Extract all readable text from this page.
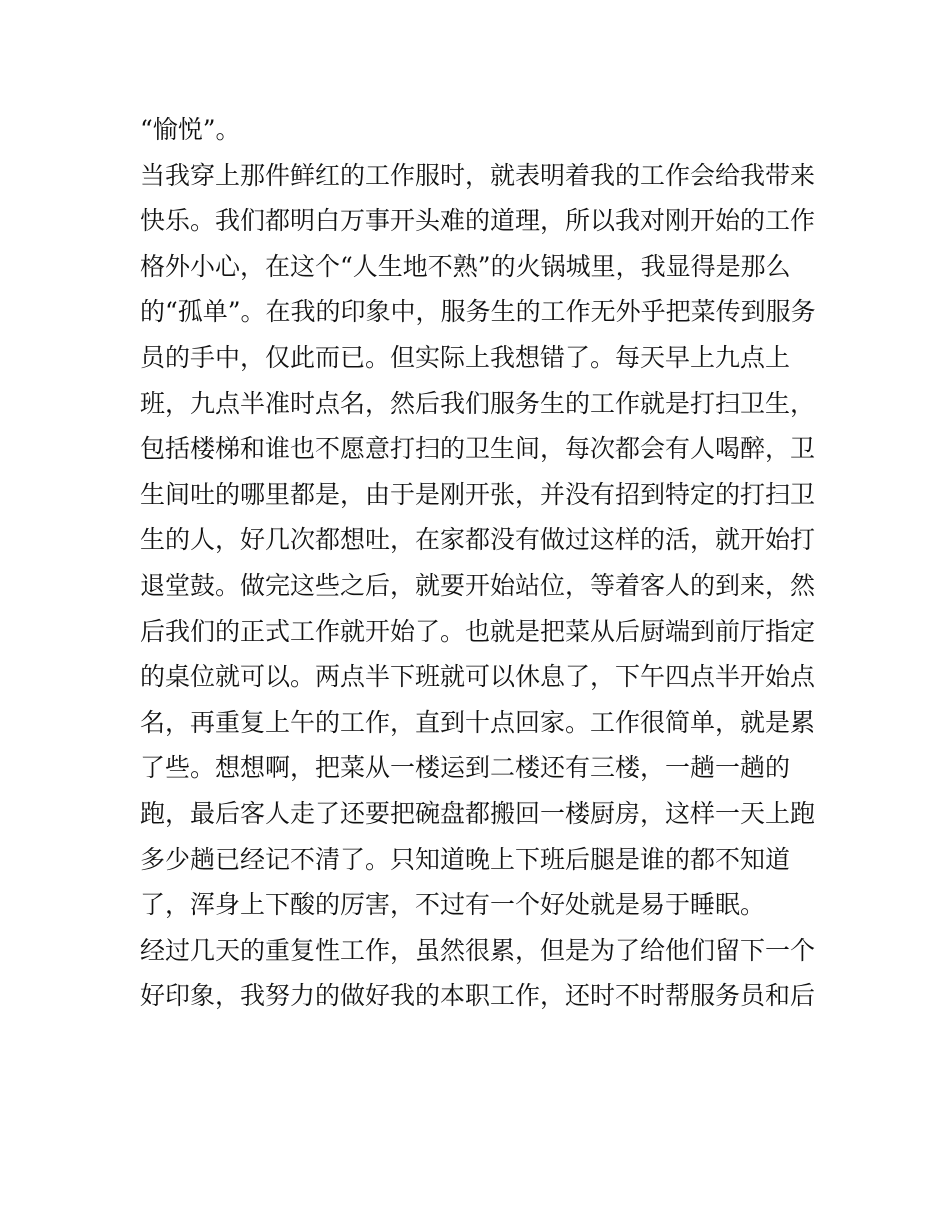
“愉悦”。
当我穿上那件鲜红的工作服时，就表明着我的工作会给我带来
快乐。我们都明白万事开头难的道理，所以我对刚开始的工作
格外小心，在这个“人生地不熟”的火锅城里，我显得是那么
的“孤单”。在我的印象中，服务生的工作无外乎把菜传到服务
员的手中，仅此而已。但实际上我想错了。每天早上九点上
班，九点半准时点名，然后我们服务生的工作就是打扫卫生，
包括楼梯和谁也不愿意打扫的卫生间，每次都会有人喝醉，卫
生间吐的哪里都是，由于是刚开张，并没有招到特定的打扫卫
生的人，好几次都想吐，在家都没有做过这样的活，就开始打
退堂鼓。做完这些之后，就要开始站位，等着客人的到来，然
后我们的正式工作就开始了。也就是把菜从后厨端到前厅指定
的桌位就可以。两点半下班就可以休息了，下午四点半开始点
名，再重复上午的工作，直到十点回家。工作很简单，就是累
了些。想想啊，把菜从一楼运到二楼还有三楼，一趟一趟的
跑，最后客人走了还要把碗盘都搬回一楼厨房，这样一天上跑
多少趟已经记不清了。只知道晚上下班后腿是谁的都不知道
了，浑身上下酸的厉害，不过有一个好处就是易于睡眠。
经过几天的重复性工作，虽然很累，但是为了给他们留下一个
好印象，我努力的做好我的本职工作，还时不时帮服务员和后
